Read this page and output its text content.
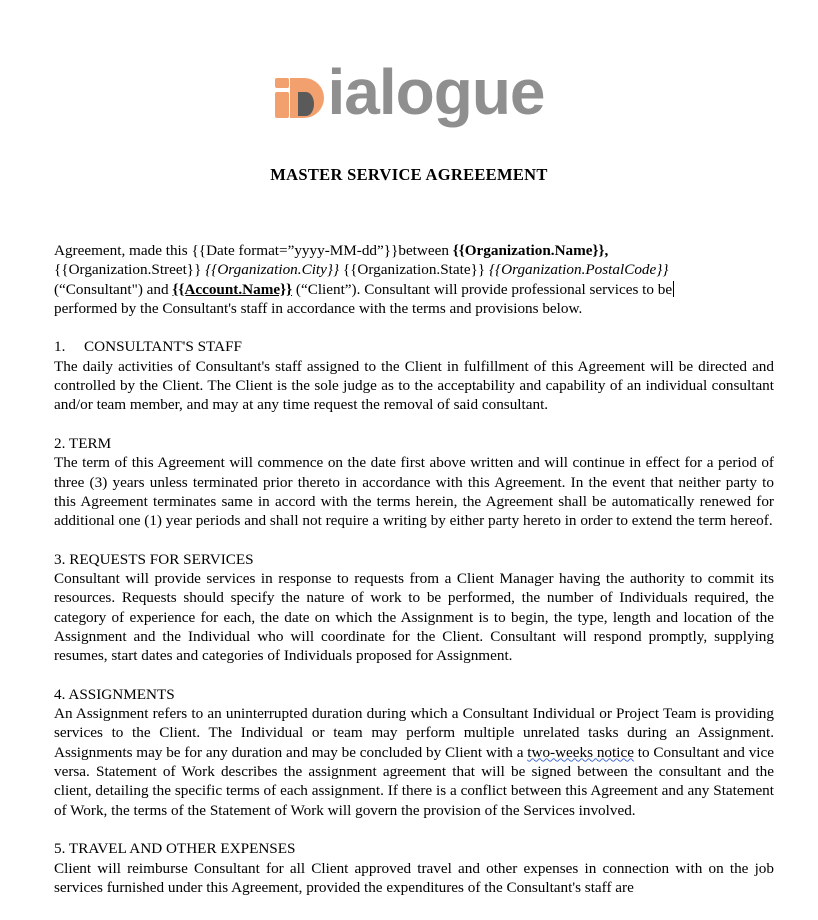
ialogue
MASTER SERVICE AGREEEMENT

Agreement, made this {{Date format=”yyyy-MM-dd”}}between {{Organization.Name}},
{{Organization.Street}} {{Organization.City}} {{Organization.State}} {{Organization.PostalCode}}
(“Consultant") and {{Account.Name}} (“Client”). Consultant will provide professional services to be
performed by the Consultant's staff in accordance with the terms and provisions below.

1. CONSULTANT'S STAFF

The daily activities of Consultant's staff assigned to the Client in fulfillment of this Agreement will be directed and controlled by the Client. The Client is the sole judge as to the acceptability and capability of an individual consultant and/or team member, and may at any time request the removal of said consultant.

2. TERM

The term of this Agreement will commence on the date first above written and will continue in effect for a period of three (3) years unless terminated prior thereto in accordance with this Agreement. In the event that neither party to this Agreement terminates same in accord with the terms herein, the Agreement shall be automatically renewed for additional one (1) year periods and shall not require a writing by either party hereto in order to extend the term hereof.

3. REQUESTS FOR SERVICES

Consultant will provide services in response to requests from a Client Manager having the authority to commit its resources. Requests should specify the nature of work to be performed, the number of Individuals required, the category of experience for each, the date on which the Assignment is to begin, the type, length and location of the Assignment and the Individual who will coordinate for the Client. Consultant will respond promptly, supplying resumes, start dates and categories of Individuals proposed for Assignment.

4. ASSIGNMENTS

An Assignment refers to an uninterrupted duration during which a Consultant Individual or Project Team is providing services to the Client. The Individual or team may perform multiple unrelated tasks during an Assignment. Assignments may be for any duration and may be concluded by Client with a two-weeks notice to Consultant and vice versa. Statement of Work describes the assignment agreement that will be signed between the consultant and the client, detailing the specific terms of each assignment. If there is a conflict between this Agreement and any Statement of Work, the terms of the Statement of Work will govern the provision of the Services involved.

5. TRAVEL AND OTHER EXPENSES

Client will reimburse Consultant for all Client approved travel and other expenses in connection with on the job services furnished under this Agreement, provided the expenditures of the Consultant's staff are
